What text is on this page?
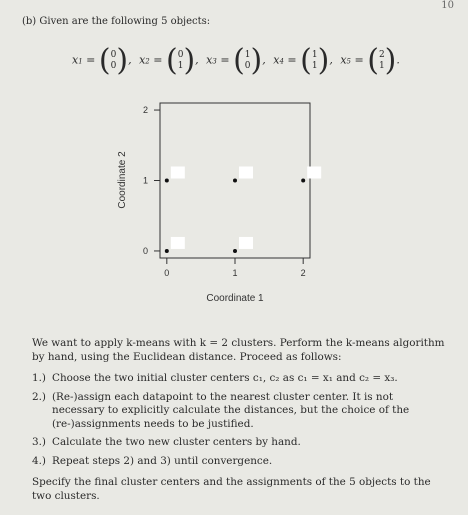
10
(b) Given are the following 5 objects:
x1 = ( 0
0 ), x2 = ( 0
1 ), x3 = ( 1
0 ), x4 = ( 1
1 ), x5 = ( 2
1 ).
0	1	2
0
1
2
Coordinate 1
Coordinate 2

We want to apply k-means with k = 2 clusters. Perform the k-means algorithm by hand, using the Euclidean distance. Proceed as follows:

1.) Choose the two initial cluster centers c₁, c₂ as c₁ = x₁ and c₂ = x₃.
2.) (Re-)assign each datapoint to the nearest cluster center. It is not necessary to explicitly calculate the distances, but the choice of the (re-)assignments needs to be justified.
3.) Calculate the two new cluster centers by hand.
4.) Repeat steps 2) and 3) until convergence.

Specify the final cluster centers and the assignments of the 5 objects to the two clusters.
